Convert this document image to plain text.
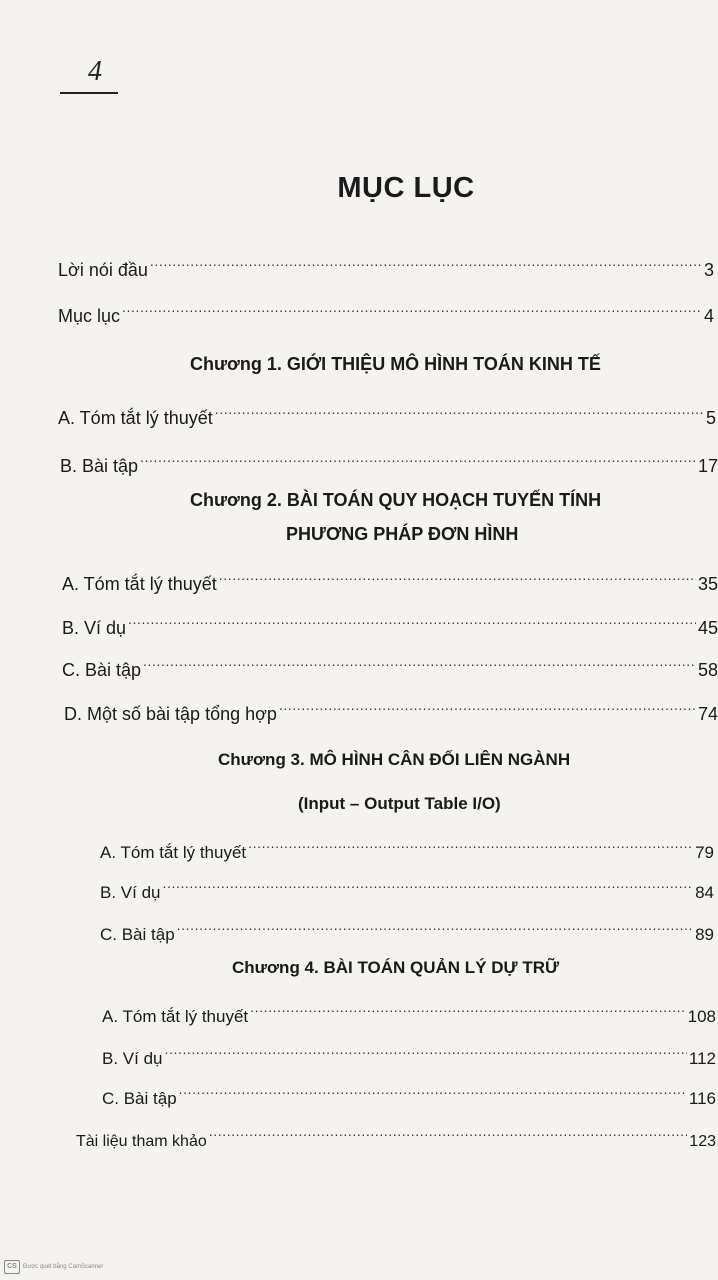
4
MỤC LỤC
Lời nói đầu .....	3
Mục lục .....	4
Chương 1. GIỚI THIỆU MÔ HÌNH TOÁN KINH TẾ
A. Tóm tắt lý thuyết .....	5
B. Bài tập .....	17
Chương 2. BÀI TOÁN QUY HOẠCH TUYẾN TÍNH
PHƯƠNG PHÁP ĐƠN HÌNH
A. Tóm tắt lý thuyết .....	35
B. Ví dụ .....	45
C. Bài tập .....	58
D. Một số bài tập tổng hợp .....	74
Chương 3. MÔ HÌNH CÂN ĐỐI LIÊN NGÀNH
(Input – Output Table I/O)
A. Tóm tắt lý thuyết .....	79
B. Ví dụ .....	84
C. Bài tập .....	89
Chương 4. BÀI TOÁN QUẢN LÝ DỰ TRỮ
A. Tóm tắt lý thuyết .....	108
B. Ví dụ .....	112
C. Bài tập .....	116
Tài liệu tham khảo .....	123
CS	Được quét bằng CamScanner
